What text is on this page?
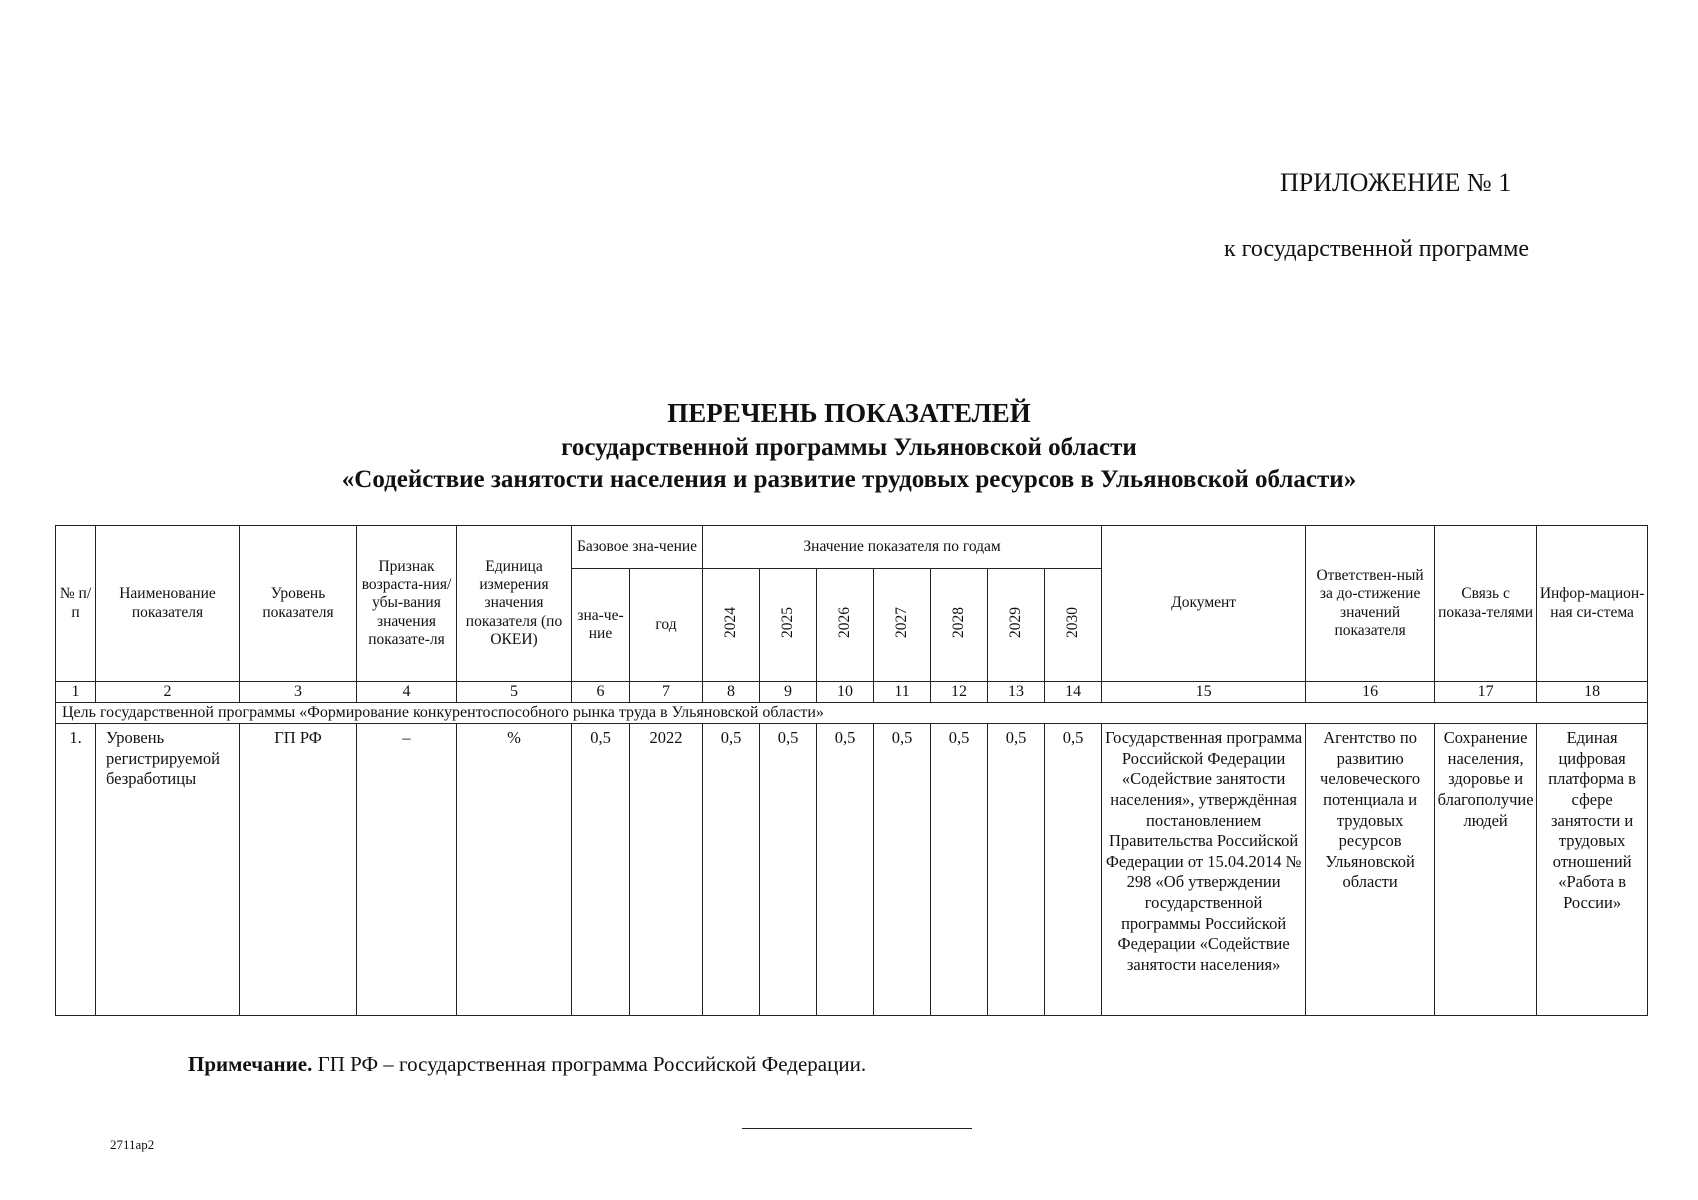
ПРИЛОЖЕНИЕ № 1
к государственной программе
ПЕРЕЧЕНЬ ПОКАЗАТЕЛЕЙ
государственной программы Ульяновской области
«Содействие занятости населения и развитие трудовых ресурсов в Ульяновской области»
№ п/п	Наименование показателя	Уровень показателя	Признак возраста-ния/убы-вания значения показате-ля	Единица измерения значения показателя (по ОКЕИ)	Базовое зна-чение		Значение показателя по годам							Документ	Ответствен-ный за до-стижение значений показателя	Связь с показа-телями	Инфор-мацион-ная си-стема
					зна-че-ние	год	2024	2025	2026	2027	2028	2029	2030				
1	2	3	4	5	6	7	8	9	10	11	12	13	14	15	16	17	18
Цель государственной программы «Формирование конкурентоспособного рынка труда в Ульяновской области»																	
1.	Уровень регистрируемой безработицы	ГП РФ	–	%	0,5	2022	0,5	0,5	0,5	0,5	0,5	0,5	0,5	Государственная программа Российской Федерации «Содействие занятости населения», утверждённая постановлением Правительства Российской Федерации от 15.04.2014 № 298 «Об утверждении государственной программы Российской Федерации «Содействие занятости населения»	Агентство по развитию человеческого потенциала и трудовых ресурсов Ульяновской области	Сохранение населения, здоровье и благополучие людей	Единая цифровая платформа в сфере занятости и трудовых отношений «Работа в России»
Примечание. ГП РФ – государственная программа Российской Федерации.
2711ap2
